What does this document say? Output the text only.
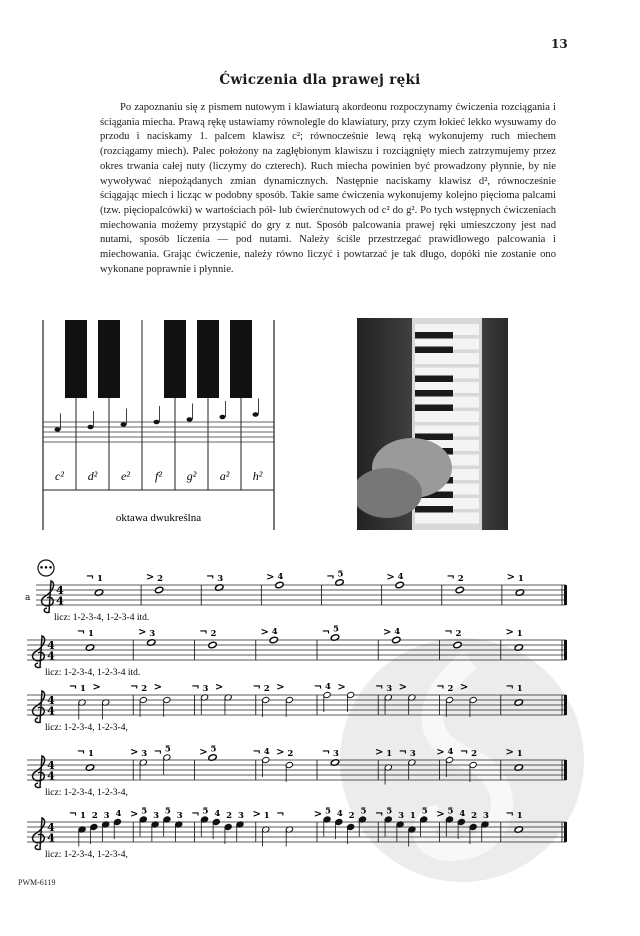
13
Ćwiczenia dla prawej ręki
Po zapoznaniu się z pismem nutowym i klawiaturą akordeonu rozpoczynamy ćwiczenia rozciągania i ściągania miecha. Prawą rękę ustawiamy równolegle do klawiatury, przy czym łokieć lekko wysuwamy do przodu i naciskamy 1. palcem klawisz c²; równocześnie lewą ręką wykonujemy ruch miechem (rozciągamy miech). Palec położony na zagłębionym klawiszu i rozciągnięty miech zatrzymujemy przez okres trwania całej nuty (liczymy do czterech). Ruch miecha powinien być prowadzony płynnie, by nie wywoływać niepożądanych zmian dynamicznych. Następnie naciskamy klawisz d², równocześnie ściągając miech i licząc w podobny sposób. Takie same ćwiczenia wykonujemy kolejno pięcioma palcami (tzw. pięciopalcówki) w wartościach pół- lub ćwierćnutowych od c² do g². Po tych wstępnych ćwiczeniach miechowania możemy przystąpić do gry z nut. Sposób palcowania prawej ręki umieszczony jest nad nutami, sposób liczenia — pod nutami. Należy ściśle przestrzegać prawidłowego palcowania i miechowania. Grając ćwiczenie, należy równo liczyć i powtarzać je tak długo, dopóki nie zostanie ono wykonane poprawnie i płynnie.
c² d² e² f² g² a² h²
oktawa dwukreślna
•••
a
4
4
¬ 1	> 2	¬ 3	> 4	¬ 5	> 4	¬ 2	> 1
licz: 1-2-3-4, 1-2-3-4 itd.
4
4
¬ 1	> 3	¬ 2	> 4	¬ 5	> 4	¬ 2	> 1
licz: 1-2-3-4, 1-2-3-4 itd.
4
4
¬ 1 >	¬ 2 >	¬ 3 >	¬ 2 >	¬ 4 >	¬ 3 >	¬ 2 >	¬ 1
licz: 1-2-3-4, 1-2-3-4,
4
4
¬ 1	> 3 ¬ 5	> 5	¬ 4 > 2	¬ 3	> 1 ¬ 3 > 4 ¬ 2	> 1
licz: 1-2-3-4, 1-2-3-4,
4
4
¬ 1 2 3 4 > 5 3 5 3 ¬ 5 4 2 3 > 1 ¬	> 5 4 2 5 ¬ 5 3 1 5 > 5 4 2 3 ¬ 1
licz: 1-2-3-4, 1-2-3-4,
PWM-6119
